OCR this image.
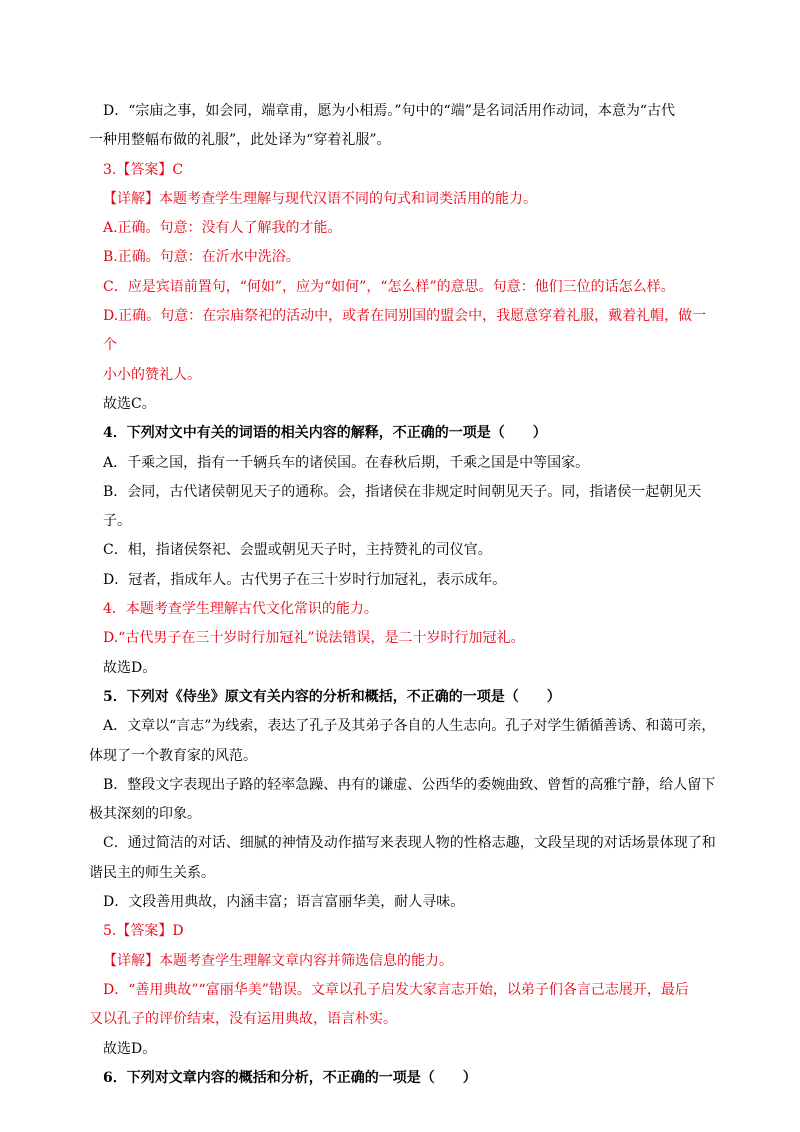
D．“宗庙之事，如会同，端章甫，愿为小相焉。”句中的“端”是名词活用作动词，本意为“古代

一种用整幅布做的礼服”，此处译为“穿着礼服”。

3.【答案】C

【详解】本题考查学生理解与现代汉语不同的句式和词类活用的能力。

A.正确。句意：没有人了解我的才能。

B.正确。句意：在沂水中洗浴。

C．应是宾语前置句，“何如”，应为“如何”，“怎么样”的意思。句意：他们三位的话怎么样。

D.正确。句意：在宗庙祭祀的活动中，或者在同别国的盟会中，我愿意穿着礼服，戴着礼帽，做一个

小小的赞礼人。

故选C。

4．下列对文中有关的词语的相关内容的解释，不正确的一项是（　　）

A．千乘之国，指有一千辆兵车的诸侯国。在春秋后期，千乘之国是中等国家。

B．会同，古代诸侯朝见天子的通称。会，指诸侯在非规定时间朝见天子。同，指诸侯一起朝见天子。

C．相，指诸侯祭祀、会盟或朝见天子时，主持赞礼的司仪官。

D．冠者，指成年人。古代男子在三十岁时行加冠礼，表示成年。

4．本题考查学生理解古代文化常识的能力。

D.“古代男子在三十岁时行加冠礼”说法错误，是二十岁时行加冠礼。

故选D。

5．下列对《侍坐》原文有关内容的分析和概括，不正确的一项是（　　）

A．文章以“言志”为线索，表达了孔子及其弟子各自的人生志向。孔子对学生循循善诱、和蔼可亲，

体现了一个教育家的风范。

B．整段文字表现出子路的轻率急躁、冉有的谦虚、公西华的委婉曲致、曾皙的高雅宁静，给人留下

极其深刻的印象。

C．通过简洁的对话、细腻的神情及动作描写来表现人物的性格志趣，文段呈现的对话场景体现了和

谐民主的师生关系。

D．文段善用典故，内涵丰富；语言富丽华美，耐人寻味。

5.【答案】D

【详解】本题考查学生理解文章内容并筛选信息的能力。

D．“善用典故”“富丽华美”错误。文章以孔子启发大家言志开始，以弟子们各言己志展开，最后

又以孔子的评价结束，没有运用典故，语言朴实。

故选D。

6．下列对文章内容的概括和分析，不正确的一项是（　　）
